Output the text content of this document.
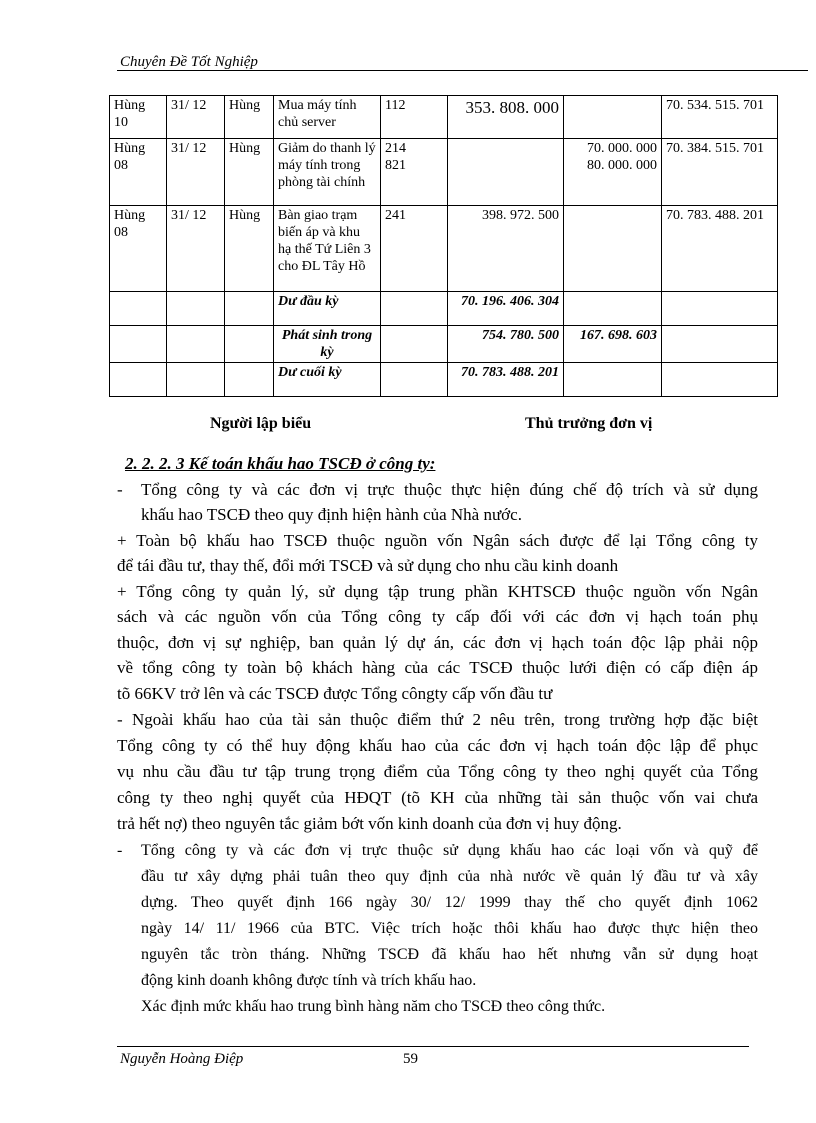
Chuyên Đề Tốt Nghiệp
Hùng 10	31/ 12	Hùng	Mua máy tính chủ server	112	353. 808. 000		70. 534. 515. 701
Hùng 08	31/ 12	Hùng	Giảm do thanh lý máy tính trong phòng tài chính	214 821		70. 000. 000 80. 000. 000	70. 384. 515. 701
Hùng 08	31/ 12	Hùng	Bàn giao trạm biến áp và khu hạ thế Tứ Liên 3 cho ĐL Tây Hồ	241	398. 972. 500		70. 783. 488. 201
			Dư đầu kỳ		70. 196. 406. 304		
			Phát sinh trong kỳ		754. 780. 500	167. 698. 603	
			Dư cuối kỳ		70. 783. 488. 201		
Người lập biểu	Thủ trưởng đơn vị
2. 2. 2. 3 Kế toán khấu hao TSCĐ ở công ty:
- Tổng công ty và các đơn vị trực thuộc thực hiện đúng chế độ trích và sử dụng
khấu hao TSCĐ theo quy định hiện hành của Nhà nước.
+ Toàn bộ khấu hao TSCĐ thuộc nguồn vốn Ngân sách được để lại Tổng công ty
để tái đầu tư, thay thế, đổi mới TSCĐ và sử dụng cho nhu cầu kinh doanh
+ Tổng công ty quản lý, sử dụng tập trung phần KHTSCĐ thuộc nguồn vốn Ngân
sách và các nguồn vốn của Tổng công ty cấp đối với các đơn vị hạch toán phụ
thuộc, đơn vị sự nghiệp, ban quản lý dự án, các đơn vị hạch toán độc lập phải nộp
về tổng công ty toàn bộ khách hàng của các TSCĐ thuộc lưới điện có cấp điện áp
tõ 66KV trở lên và các TSCĐ được Tổng côngty cấp vốn đầu tư
- Ngoài khấu hao của tài sản thuộc điểm thứ 2 nêu trên, trong trường hợp đặc biệt
Tổng công ty có thể huy động khấu hao của các đơn vị hạch toán độc lập để phục
vụ nhu cầu đầu tư tập trung trọng điểm của Tổng công ty theo nghị quyết của Tổng
công ty theo nghị quyết của HĐQT (tõ KH của những tài sản thuộc vốn vai chưa
trả hết nợ) theo nguyên tắc giảm bớt vốn kinh doanh của đơn vị huy động.
- Tổng công ty và các đơn vị trực thuộc sử dụng khấu hao các loại vốn và quỹ để
đầu tư xây dựng phải tuân theo quy định của nhà nước về quản lý đầu tư và xây
dựng. Theo quyết định 166 ngày 30/ 12/ 1999 thay thế cho quyết định 1062
ngày 14/ 11/ 1966 của BTC. Việc trích hoặc thôi khấu hao được thực hiện theo
nguyên tắc tròn tháng. Những TSCĐ đã khấu hao hết nhưng vẫn sử dụng hoạt
động kinh doanh không được tính và trích khấu hao.
Xác định mức khấu hao trung bình hàng năm cho TSCĐ theo công thức.
Nguyễn Hoàng Điệp	59
